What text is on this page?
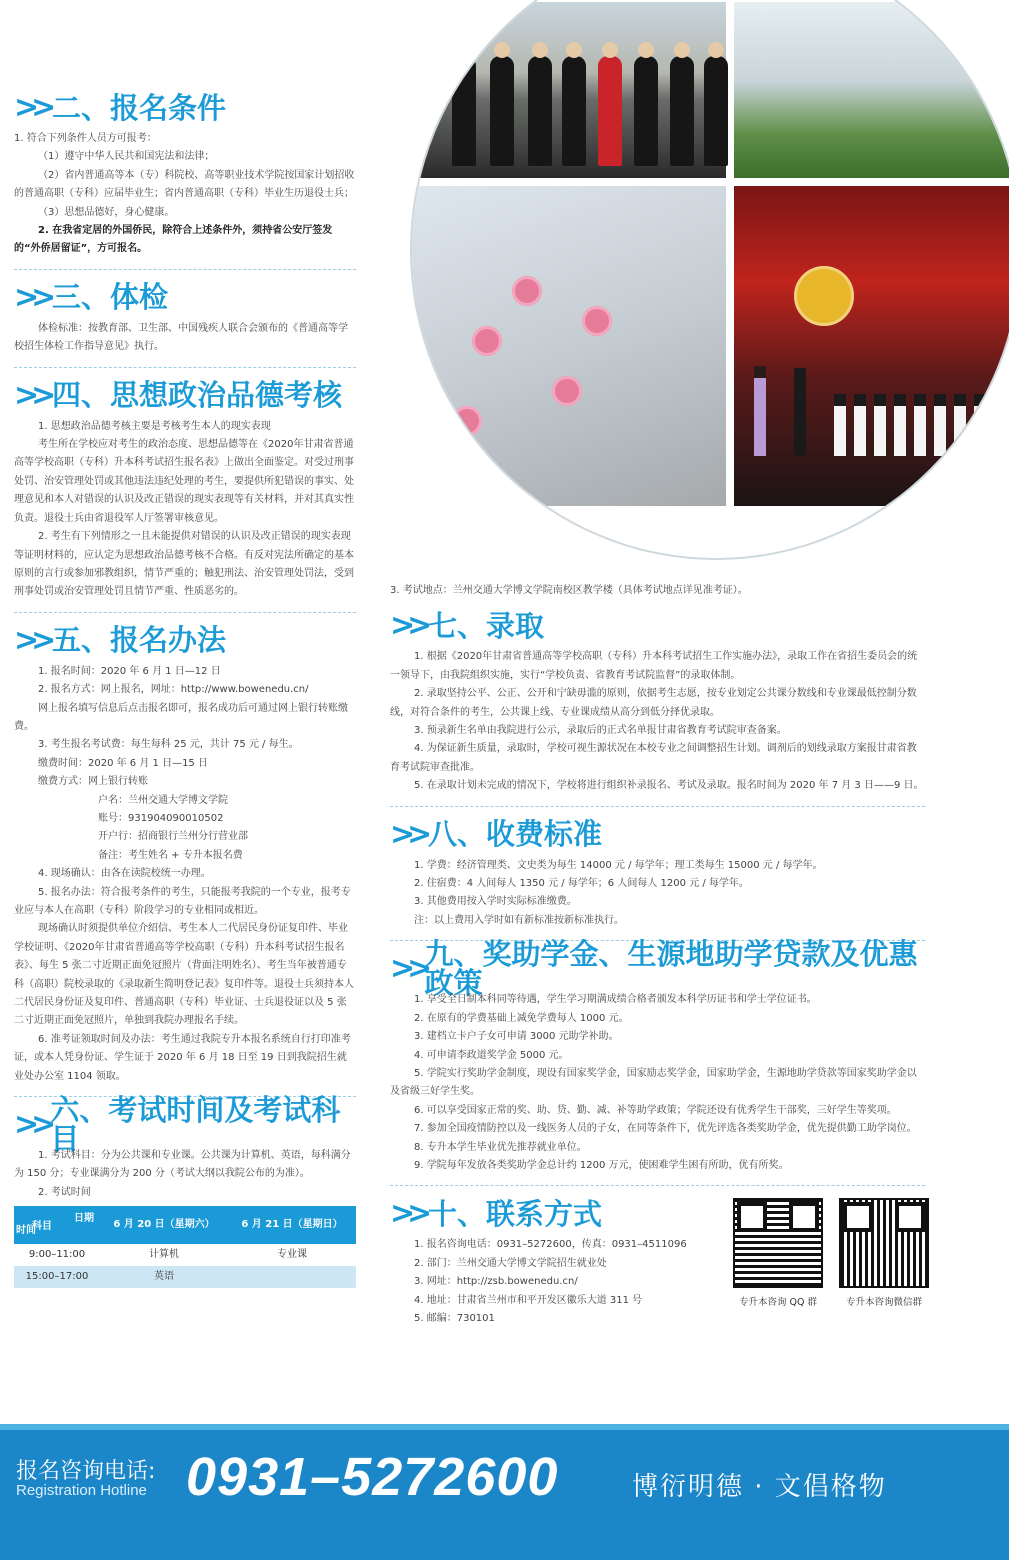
>> 二、报名条件

1. 符合下列条件人员方可报考：

（1）遵守中华人民共和国宪法和法律；

（2）省内普通高等本（专）科院校、高等职业技术学院按国家计划招收的普通高职（专科）应届毕业生；省内普通高职（专科）毕业生历退役士兵；

（3）思想品德好，身心健康。

2. 在我省定居的外国侨民，除符合上述条件外，须持省公安厅签发的“外侨居留证”，方可报名。

>> 三、体检

体检标准：按教育部、卫生部、中国残疾人联合会颁布的《普通高等学校招生体检工作指导意见》执行。

>> 四、思想政治品德考核

1. 思想政治品德考核主要是考核考生本人的现实表现

考生所在学校应对考生的政治态度、思想品德等在《2020年甘肃省普通高等学校高职（专科）升本科考试招生报名表》上做出全面鉴定。对受过刑事处罚、治安管理处罚或其他违法违纪处理的考生，要提供所犯错误的事实、处理意见和本人对错误的认识及改正错误的现实表现等有关材料，并对其真实性负责。退役士兵由省退役军人厅签署审核意见。

2. 考生有下列情形之一且未能提供对错误的认识及改正错误的现实表现等证明材料的，应认定为思想政治品德考核不合格。有反对宪法所确定的基本原则的言行或参加邪教组织，情节严重的；触犯刑法、治安管理处罚法，受到刑事处罚或治安管理处罚且情节严重、性质恶劣的。

>> 五、报名办法

1. 报名时间：2020 年 6 月 1 日—12 日

2. 报名方式：网上报名，网址：http://www.bowenedu.cn/

网上报名填写信息后点击报名即可，报名成功后可通过网上银行转账缴费。

3. 考生报名考试费：每生每科 25 元，共计 75 元 / 每生。

缴费时间：2020 年 6 月 1 日—15 日

缴费方式：网上银行转账

户名：兰州交通大学博文学院

账号：931904090010502

开户行：招商银行兰州分行营业部

备注：考生姓名 + 专升本报名费

4. 现场确认：由各在读院校统一办理。

5. 报名办法：符合报考条件的考生，只能报考我院的一个专业，报考专业应与本人在高职（专科）阶段学习的专业相同或相近。

现场确认时须提供单位介绍信、考生本人二代居民身份证复印件、毕业学校证明、《2020年甘肃省普通高等学校高职（专科）升本科考试招生报名表》、每生 5 张二寸近期正面免冠照片（背面注明姓名）、考生当年被普通专科（高职）院校录取的《录取新生简明登记表》复印件等。退役士兵须持本人二代居民身份证及复印件、普通高职（专科）毕业证、士兵退役证以及 5 张二寸近期正面免冠照片，单独到我院办理报名手续。

6. 准考证领取时间及办法：考生通过我院专升本报名系统自行打印准考证，或本人凭身份证、学生证于 2020 年 6 月 18 日至 19 日到我院招生就业处办公室 1104 领取。

>> 六、考试时间及考试科目

1. 考试科目：分为公共课和专业课。公共课为计算机、英语，每科满分为 150 分；专业课满分为 200 分（考试大纲以我院公布的为准）。

2. 考试时间

日期
科目
时间	6 月 20 日（星期六）	6 月 21 日（星期日）
9:00–11:00	计算机	专业课
15:00–17:00	英语	

3. 考试地点：兰州交通大学博文学院南校区教学楼（具体考试地点详见准考证）。

>> 七、录取

1. 根据《2020年甘肃省普通高等学校高职（专科）升本科考试招生工作实施办法》，录取工作在省招生委员会的统一领导下，由我院组织实施，实行“学校负责、省教育考试院监督”的录取体制。

2. 录取坚持公平、公正、公开和宁缺毋滥的原则，依据考生志愿，按专业划定公共课分数线和专业课最低控制分数线，对符合条件的考生，公共课上线、专业课成绩从高分到低分择优录取。

3. 预录新生名单由我院进行公示，录取后的正式名单报甘肃省教育考试院审查备案。

4. 为保证新生质量，录取时，学校可视生源状况在本校专业之间调整招生计划。调剂后的划线录取方案报甘肃省教育考试院审查批准。

5. 在录取计划未完成的情况下，学校将进行组织补录报名、考试及录取。报名时间为 2020 年 7 月 3 日——9 日。

>> 八、收费标准

1. 学费：经济管理类、文史类为每生 14000 元 / 每学年；理工类每生 15000 元 / 每学年。

2. 住宿费：4 人间每人 1350 元 / 每学年；6 人间每人 1200 元 / 每学年。

3. 其他费用按入学时实际标准缴费。

注：以上费用入学时如有新标准按新标准执行。

>> 九、奖助学金、生源地助学贷款及优惠政策

1. 享受全日制本科同等待遇，学生学习期满成绩合格者颁发本科学历证书和学士学位证书。

2. 在原有的学费基础上减免学费每人 1000 元。

3. 建档立卡户子女可申请 3000 元助学补助。

4. 可申请李政道奖学金 5000 元。

5. 学院实行奖助学金制度，现设有国家奖学金，国家励志奖学金，国家助学金，生源地助学贷款等国家奖助学金以及省级三好学生奖。

6. 可以享受国家正常的奖、助、贷、勤、减、补等助学政策；学院还设有优秀学生干部奖，三好学生等奖项。

7. 参加全国疫情防控以及一线医务人员的子女，在同等条件下，优先评选各类奖助学金，优先提供勤工助学岗位。

8. 专升本学生毕业优先推荐就业单位。

9. 学院每年发放各类奖助学金总计约 1200 万元，使困难学生困有所助，优有所奖。

>> 十、联系方式

1. 报名咨询电话：0931–5272600，传真：0931–4511096

2. 部门：兰州交通大学博文学院招生就业处

3. 网址：http://zsb.bowenedu.cn/

4. 地址：甘肃省兰州市和平开发区徽乐大道 311 号

5. 邮编：730101

专升本咨询 QQ 群	专升本咨询微信群
报名咨询电话:
Registration Hotline 0931–5272600	博衍明德 · 文倡格物
